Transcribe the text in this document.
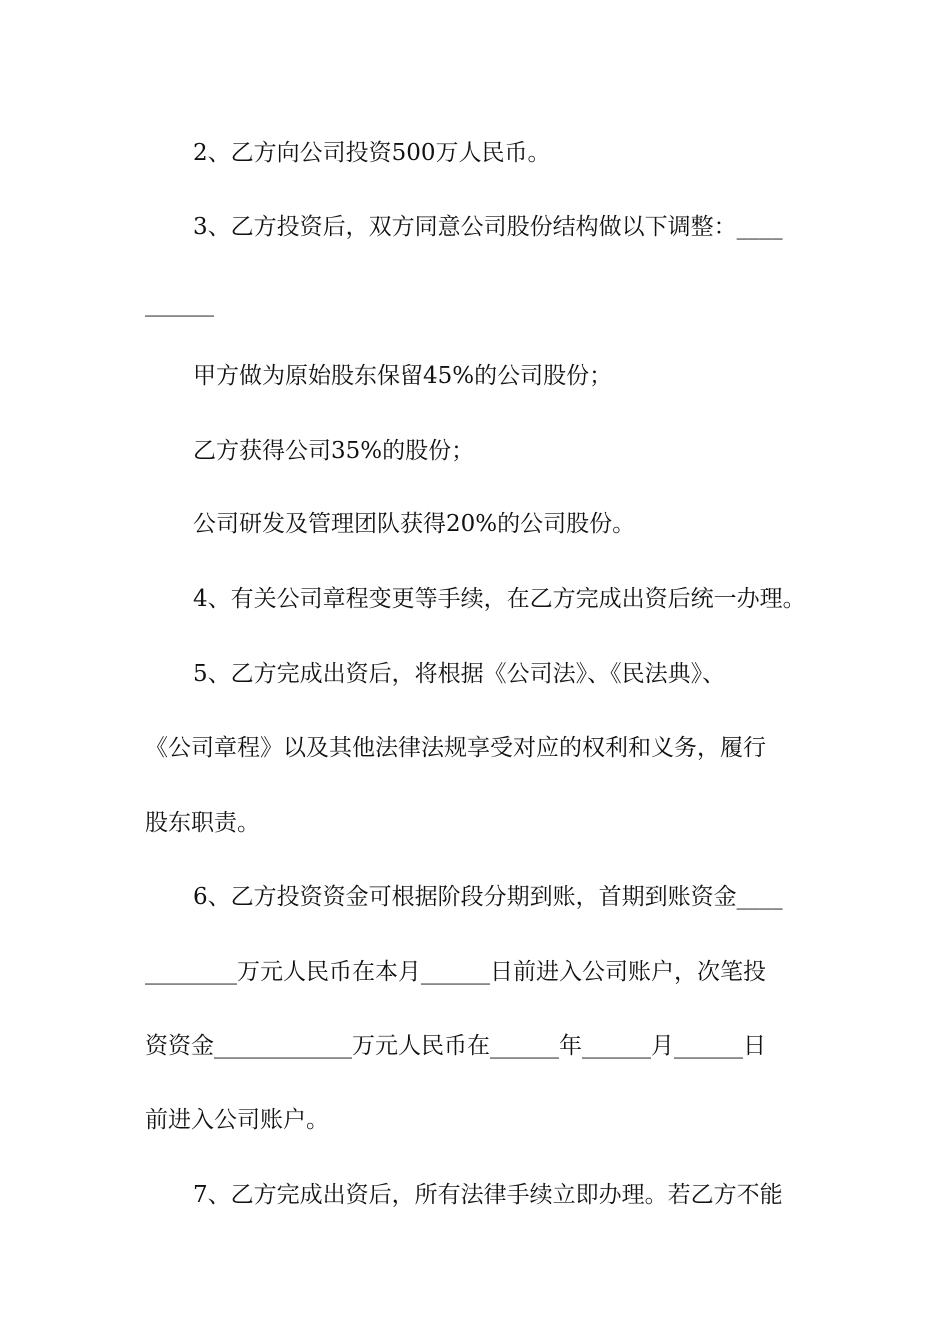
2、乙方向公司投资500万人民币。
3、乙方投资后，双方同意公司股份结构做以下调整：____
______
甲方做为原始股东保留45%的公司股份；
乙方获得公司35%的股份；
公司研发及管理团队获得20%的公司股份。
4、有关公司章程变更等手续，在乙方完成出资后统一办理。
5、乙方完成出资后，将根据《公司法》、《民法典》、
《公司章程》以及其他法律法规享受对应的权利和义务，履行
股东职责。
6、乙方投资资金可根据阶段分期到账，首期到账资金____
________万元人民币在本月______日前进入公司账户，次笔投
资资金____________万元人民币在______年______月______日
前进入公司账户。
7、乙方完成出资后，所有法律手续立即办理。若乙方不能
